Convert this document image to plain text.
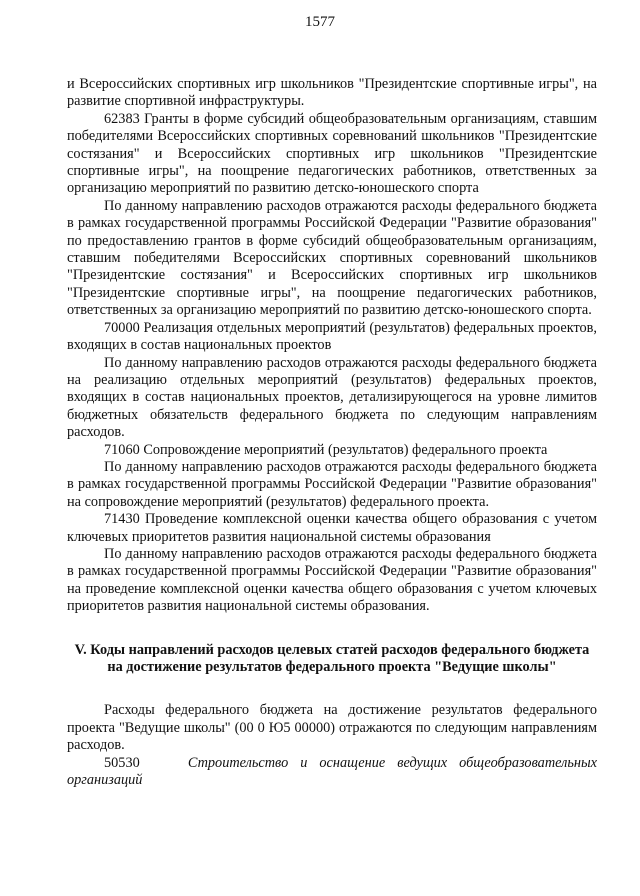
1577

и Всероссийских спортивных игр школьников "Президентские спортивные игры", на развитие спортивной инфраструктуры.

62383 Гранты в форме субсидий общеобразовательным организациям, ставшим победителями Всероссийских спортивных соревнований школьников "Президентские состязания" и Всероссийских спортивных игр школьников "Президентские спортивные игры", на поощрение педагогических работников, ответственных за организацию мероприятий по развитию детско-юношеского спорта

По данному направлению расходов отражаются расходы федерального бюджета в рамках государственной программы Российской Федерации "Развитие образования" по предоставлению грантов в форме субсидий общеобразовательным организациям, ставшим победителями Всероссийских спортивных соревнований школьников "Президентские состязания" и Всероссийских спортивных игр школьников "Президентские спортивные игры", на поощрение педагогических работников, ответственных за организацию мероприятий по развитию детско-юношеского спорта.

70000 Реализация отдельных мероприятий (результатов) федеральных проектов, входящих в состав национальных проектов

По данному направлению расходов отражаются расходы федерального бюджета на реализацию отдельных мероприятий (результатов) федеральных проектов, входящих в состав национальных проектов, детализирующегося на уровне лимитов бюджетных обязательств федерального бюджета по следующим направлениям расходов.

71060 Сопровождение мероприятий (результатов) федерального проекта

По данному направлению расходов отражаются расходы федерального бюджета в рамках государственной программы Российской Федерации "Развитие образования" на сопровождение мероприятий (результатов) федерального проекта.

71430 Проведение комплексной оценки качества общего образования с учетом ключевых приоритетов развития национальной системы образования

По данному направлению расходов отражаются расходы федерального бюджета в рамках государственной программы Российской Федерации "Развитие образования" на проведение комплексной оценки качества общего образования с учетом ключевых приоритетов развития национальной системы образования.

V. Коды направлений расходов целевых статей расходов федерального бюджета на достижение результатов федерального проекта "Ведущие школы"

Расходы федерального бюджета на достижение результатов федерального проекта "Ведущие школы" (00 0 Ю5 00000) отражаются по следующим направлениям расходов.

50530	Строительство и оснащение ведущих общеобразовательных организаций
